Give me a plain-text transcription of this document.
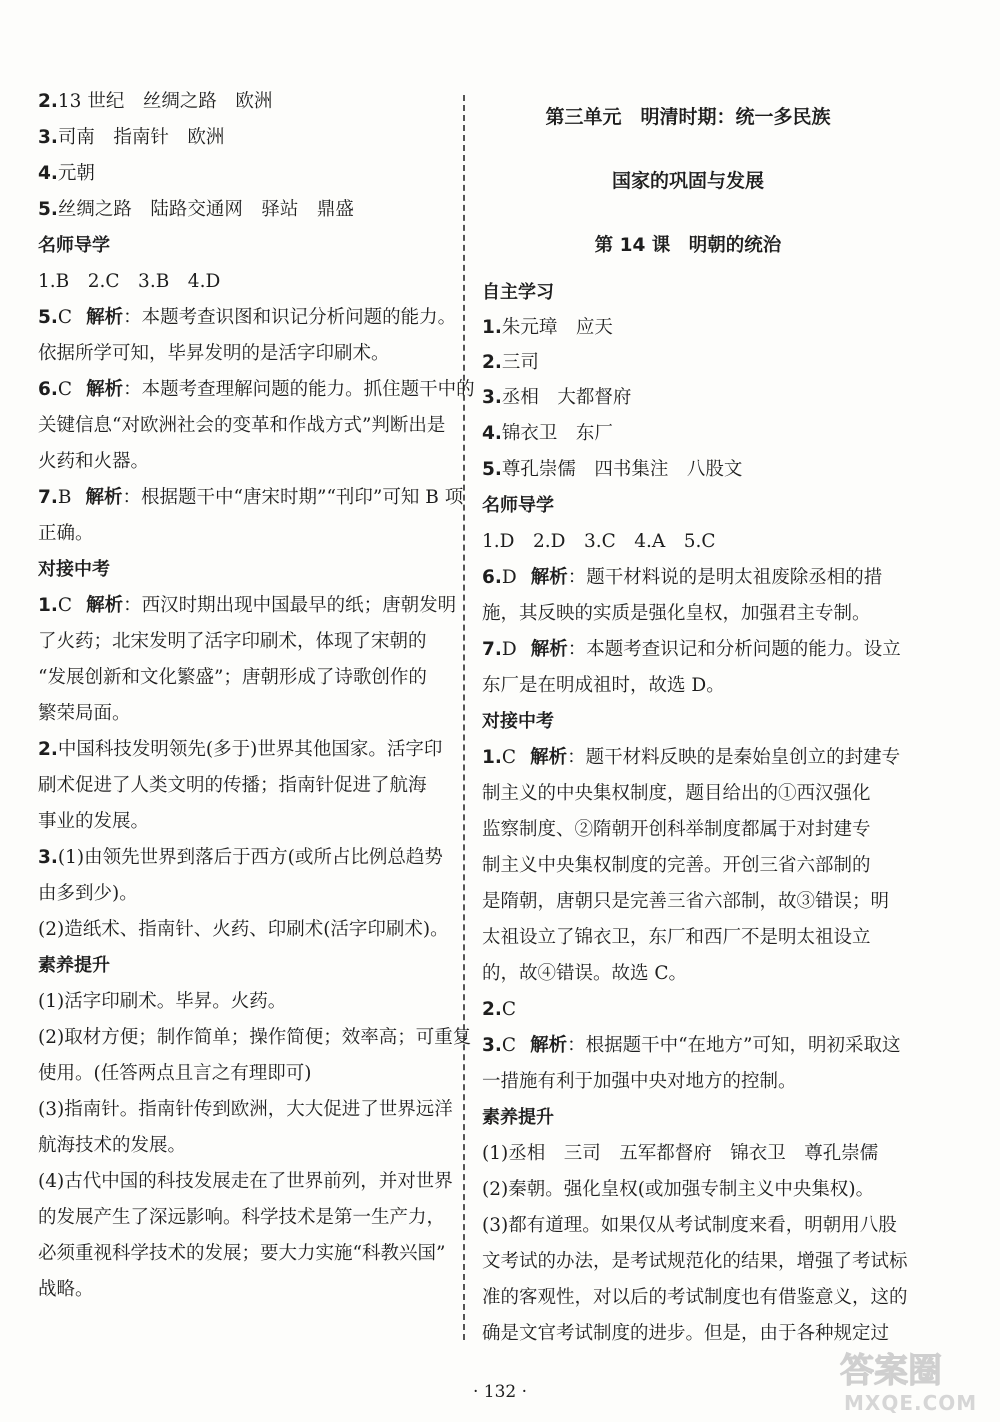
2.13 世纪　丝绸之路　欧洲
3.司南　指南针　欧洲
4.元朝
5.丝绸之路　陆路交通网　驿站　鼎盛
名师导学
1.B　2.C　3.B　4.D
5.C 解析：本题考查识图和识记分析问题的能力。
依据所学可知，毕昇发明的是活字印刷术。
6.C 解析：本题考查理解问题的能力。抓住题干中的
关键信息“对欧洲社会的变革和作战方式”判断出是
火药和火器。
7.B 解析：根据题干中“唐宋时期”“刊印”可知 B 项
正确。
对接中考
1.C 解析：西汉时期出现中国最早的纸；唐朝发明
了火药；北宋发明了活字印刷术，体现了宋朝的
“发展创新和文化繁盛”；唐朝形成了诗歌创作的
繁荣局面。
2.中国科技发明领先(多于)世界其他国家。活字印
刷术促进了人类文明的传播；指南针促进了航海
事业的发展。
3.(1)由领先世界到落后于西方(或所占比例总趋势
由多到少)。
(2)造纸术、指南针、火药、印刷术(活字印刷术)。
素养提升
(1)活字印刷术。毕昇。火药。
(2)取材方便；制作简单；操作简便；效率高；可重复
使用。(任答两点且言之有理即可)
(3)指南针。指南针传到欧洲，大大促进了世界远洋
航海技术的发展。
(4)古代中国的科技发展走在了世界前列，并对世界
的发展产生了深远影响。科学技术是第一生产力，
必须重视科学技术的发展；要大力实施“科教兴国”
战略。
第三单元　明清时期：统一多民族
国家的巩固与发展
第 14 课　明朝的统治
自主学习
1.朱元璋　应天
2.三司
3.丞相　大都督府
4.锦衣卫　东厂
5.尊孔崇儒　四书集注　八股文
名师导学
1.D　2.D　3.C　4.A　5.C
6.D 解析：题干材料说的是明太祖废除丞相的措
施，其反映的实质是强化皇权，加强君主专制。
7.D 解析：本题考查识记和分析问题的能力。设立
东厂是在明成祖时，故选 D。
对接中考
1.C 解析：题干材料反映的是秦始皇创立的封建专
制主义的中央集权制度，题目给出的①西汉强化
监察制度、②隋朝开创科举制度都属于对封建专
制主义中央集权制度的完善。开创三省六部制的
是隋朝，唐朝只是完善三省六部制，故③错误；明
太祖设立了锦衣卫，东厂和西厂不是明太祖设立
的，故④错误。故选 C。
2.C
3.C 解析：根据题干中“在地方”可知，明初采取这
一措施有利于加强中央对地方的控制。
素养提升
(1)丞相　三司　五军都督府　锦衣卫　尊孔崇儒
(2)秦朝。强化皇权(或加强专制主义中央集权)。
(3)都有道理。如果仅从考试制度来看，明朝用八股
文考试的办法，是考试规范化的结果，增强了考试标
准的客观性，对以后的考试制度也有借鉴意义，这的
确是文官考试制度的进步。但是，由于各种规定过
· 132 ·
答案圈
MXQE.COM
